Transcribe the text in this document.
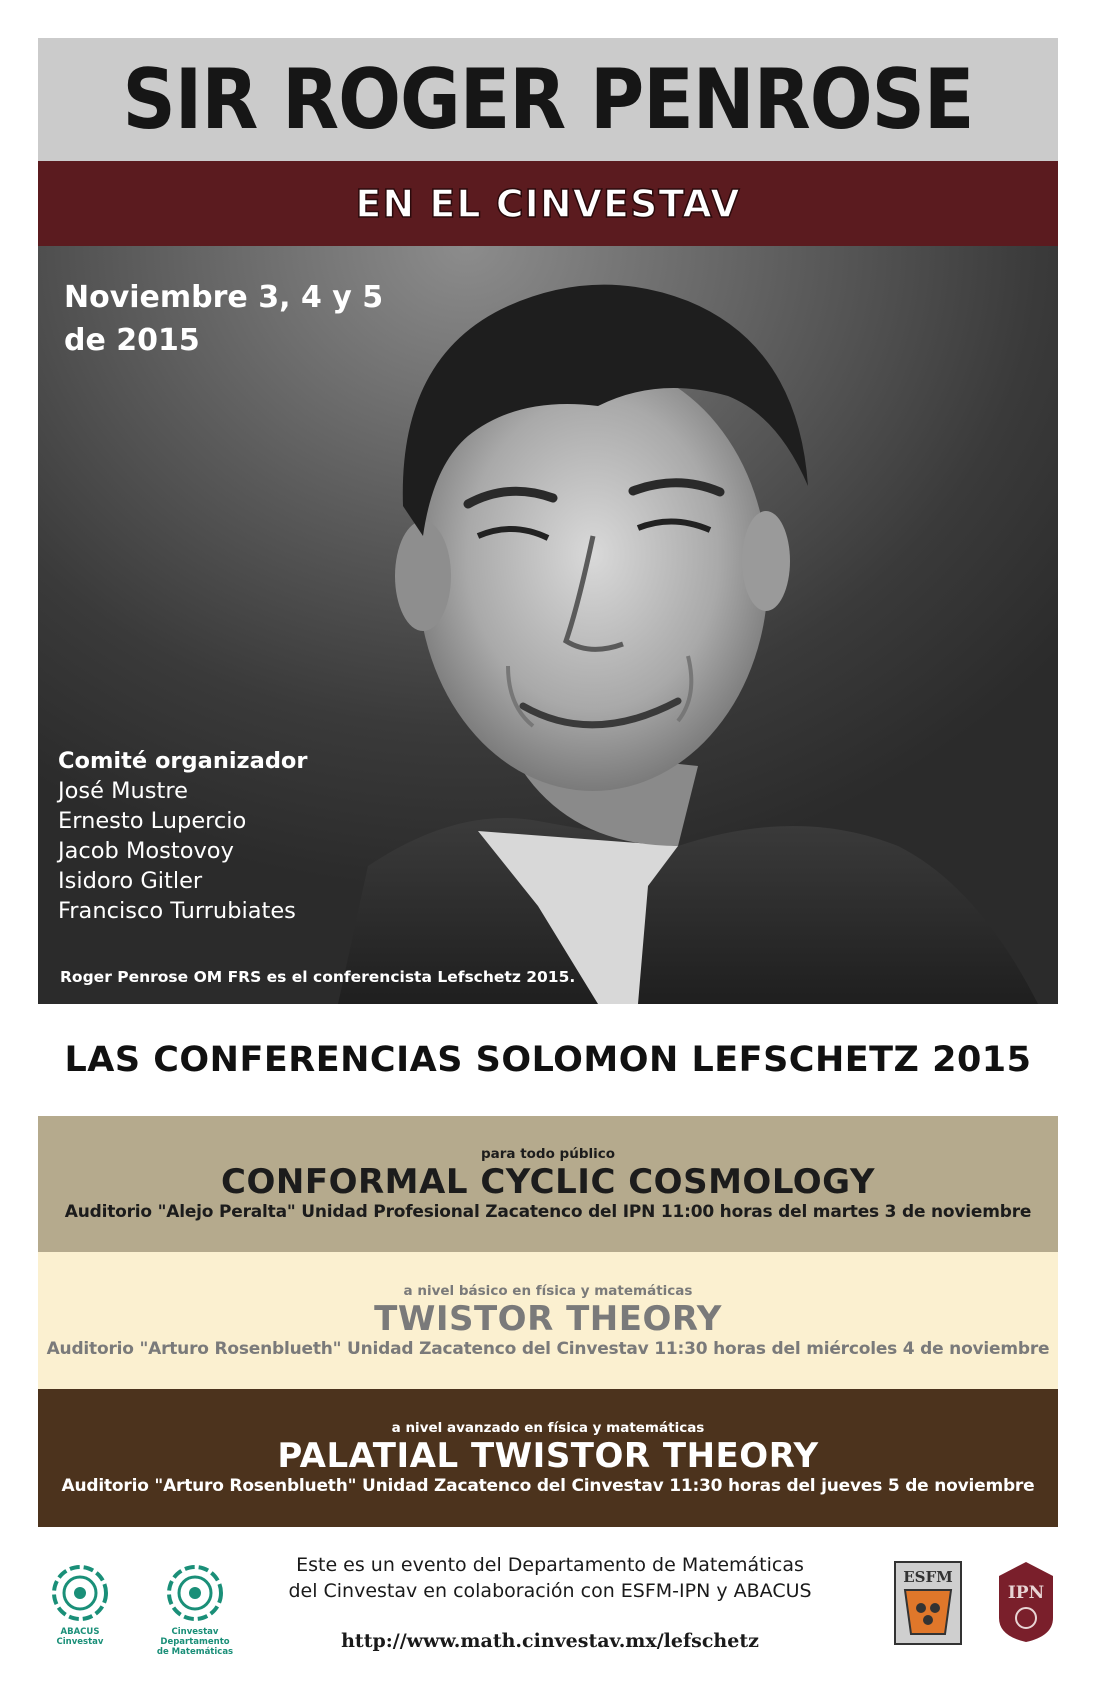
SIR ROGER PENROSE
EN EL CINVESTAV
Noviembre 3, 4 y 5
de 2015
Comité organizador
José Mustre
Ernesto Lupercio
Jacob Mostovoy
Isidoro Gitler
Francisco Turrubiates
Roger Penrose OM FRS es el conferencista Lefschetz 2015.
LAS CONFERENCIAS SOLOMON LEFSCHETZ 2015
para todo público
CONFORMAL CYCLIC COSMOLOGY
Auditorio "Alejo Peralta" Unidad Profesional Zacatenco del IPN 11:00 horas del martes 3 de noviembre
a nivel básico en física y matemáticas
TWISTOR THEORY
Auditorio "Arturo Rosenblueth" Unidad Zacatenco del Cinvestav 11:30 horas del miércoles 4 de noviembre
a nivel avanzado en física y matemáticas
PALATIAL TWISTOR THEORY
Auditorio "Arturo Rosenblueth" Unidad Zacatenco del Cinvestav 11:30 horas del jueves 5 de noviembre
ABACUS
Cinvestav
Cinvestav
Departamento
de Matemáticas
ESFM
IPN
Este es un evento del Departamento de Matemáticas
del Cinvestav en colaboración con ESFM-IPN y ABACUS
http://www.math.cinvestav.mx/lefschetz
